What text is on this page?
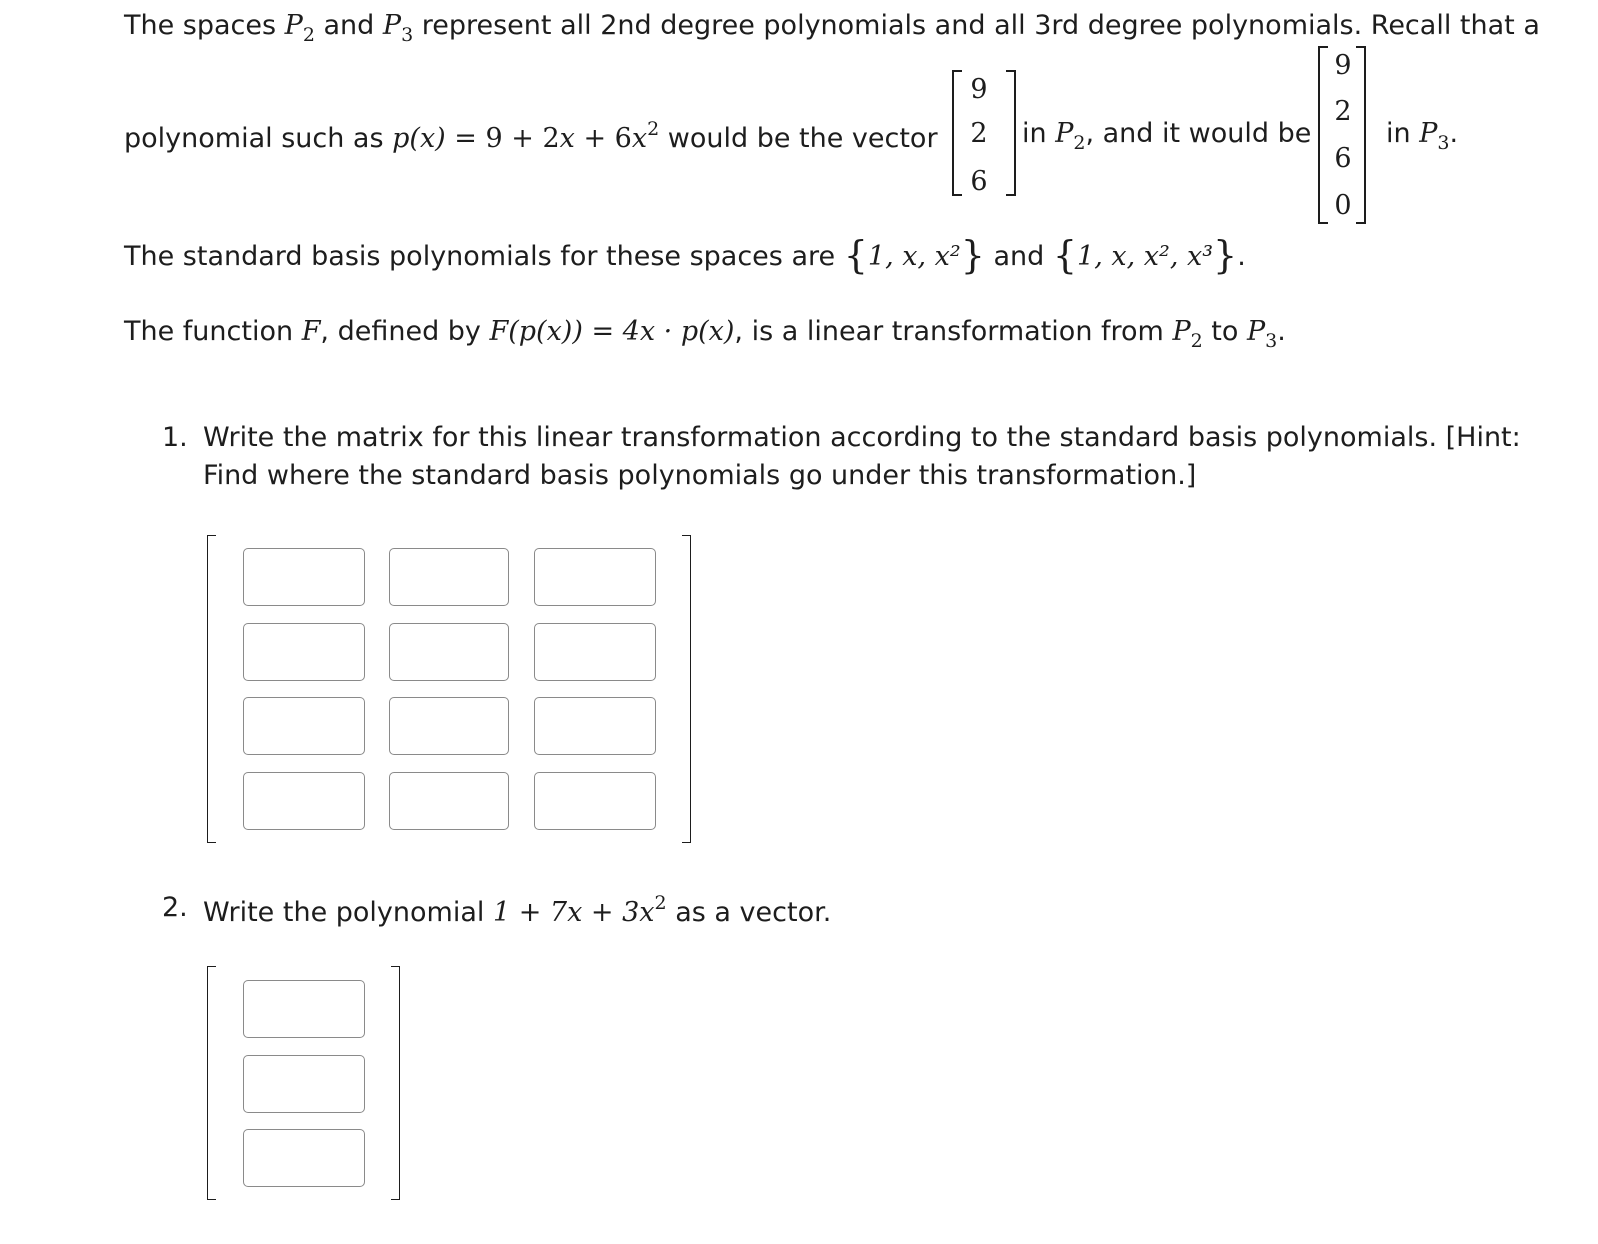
The spaces $P_2$ and $P_3$ represent all 2nd degree polynomials and all 3rd degree polynomials. Recall that a
polynomial such as $p(x) = 9 + 2x + 6x^2$ would be the vector
9
2
6
in $P_2$, and it would be
9
2
6
0
in $P_3$.
The standard basis polynomials for these spaces are {1, x, x²} and {1, x, x², x³}.
The function F, defined by F(p(x)) = 4x · p(x), is a linear transformation from $P_2$ to $P_3$.
1. Write the matrix for this linear transformation according to the standard basis polynomials. [Hint:
Find where the standard basis polynomials go under this transformation.]
2. Write the polynomial $1 + 7x + 3x^2$ as a vector.
